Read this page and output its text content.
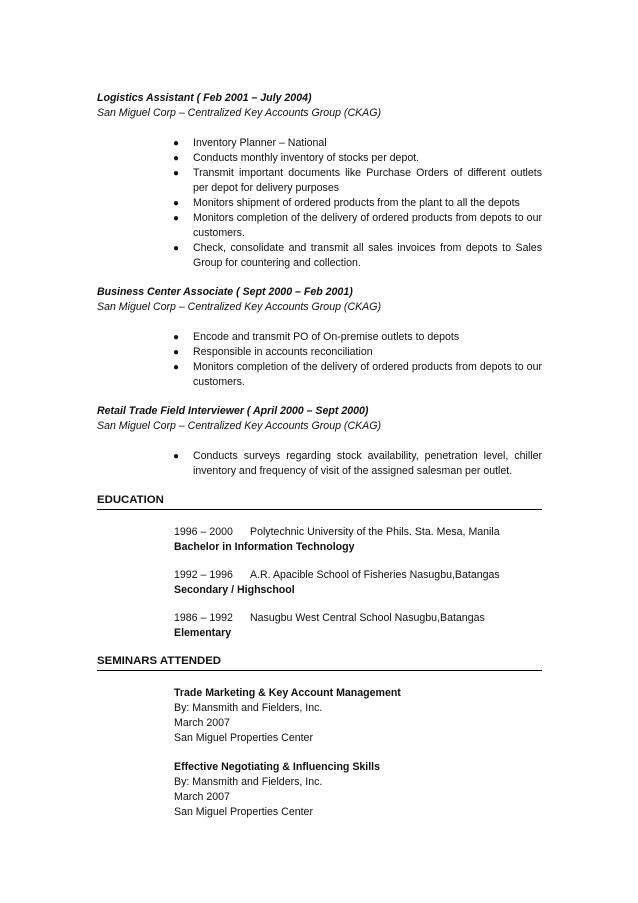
Logistics Assistant ( Feb 2001 – July 2004)
San Miguel Corp – Centralized Key Accounts Group (CKAG)
● Inventory Planner – National
● Conducts monthly inventory of stocks per depot.
● Transmit important documents like Purchase Orders of different outlets per depot for delivery purposes
● Monitors shipment of ordered products from the plant to all the depots
● Monitors completion of the delivery of ordered products from depots to our customers.
● Check, consolidate and transmit all sales invoices from depots to Sales Group for countering and collection.
Business Center Associate ( Sept 2000 – Feb 2001)
San Miguel Corp – Centralized Key Accounts Group (CKAG)
● Encode and transmit PO of On-premise outlets to depots
● Responsible in accounts reconciliation
● Monitors completion of the delivery of ordered products from depots to our customers.
Retail Trade Field Interviewer ( April 2000 – Sept 2000)
San Miguel Corp – Centralized Key Accounts Group (CKAG)
● Conducts surveys regarding stock availability, penetration level, chiller inventory and frequency of visit of the assigned salesman per outlet.
EDUCATION
1996 – 2000 Polytechnic University of the Phils. Sta. Mesa, Manila
Bachelor in Information Technology
1992 – 1996 A.R. Apacible School of Fisheries Nasugbu,Batangas
Secondary / Highschool
1986 – 1992 Nasugbu West Central School Nasugbu,Batangas
Elementary
SEMINARS ATTENDED
Trade Marketing & Key Account Management
By: Mansmith and Fielders, Inc.
March 2007
San Miguel Properties Center
Effective Negotiating & Influencing Skills
By: Mansmith and Fielders, Inc.
March 2007
San Miguel Properties Center
